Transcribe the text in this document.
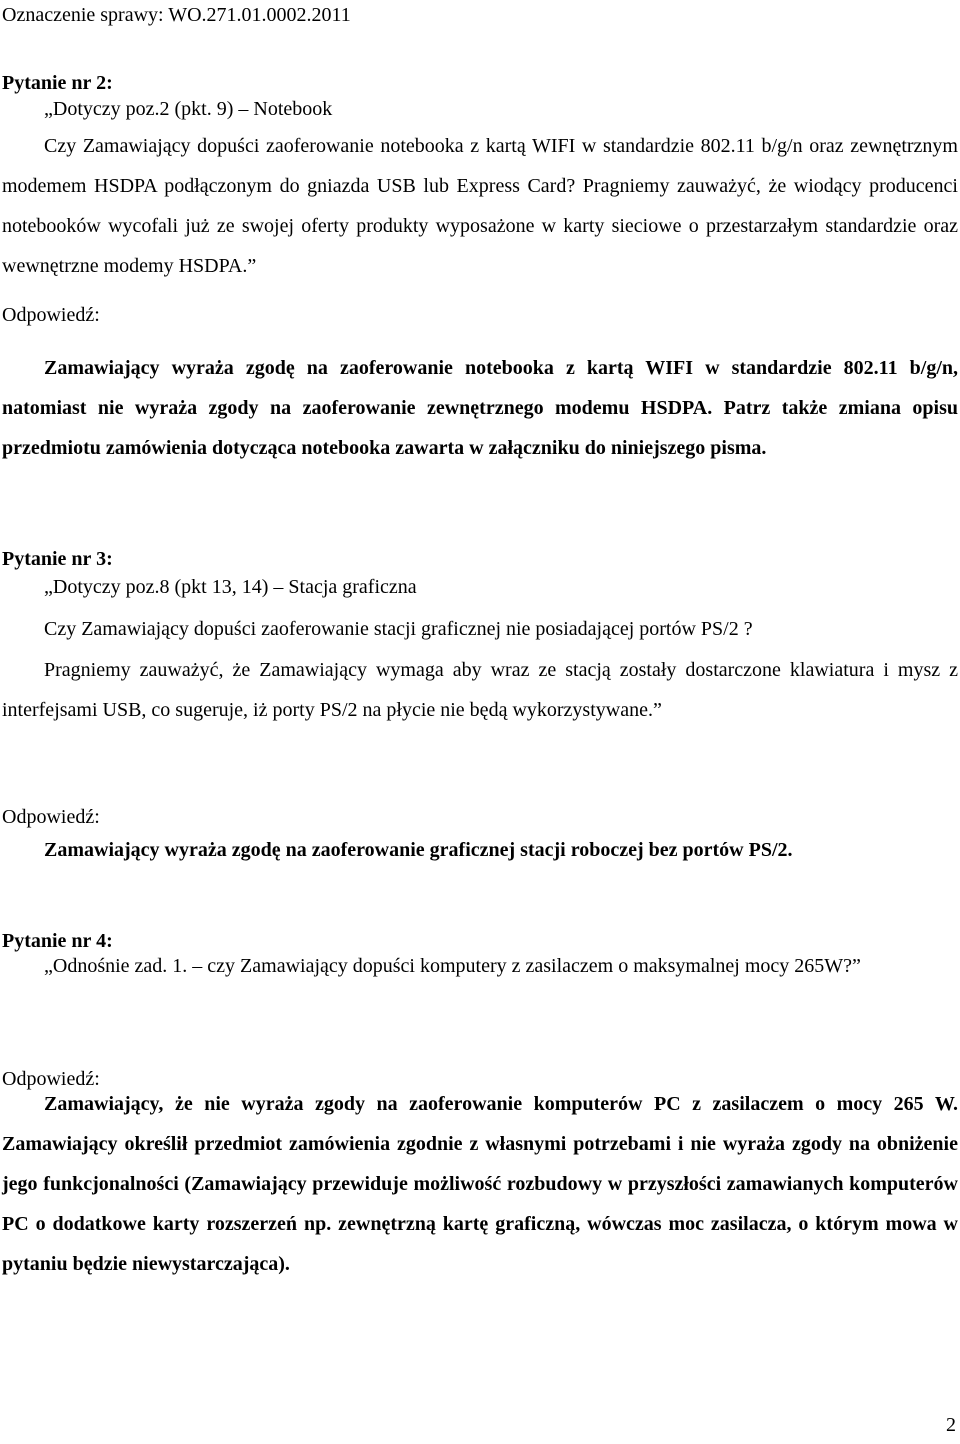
Oznaczenie sprawy: WO.271.01.0002.2011
Pytanie nr 2:
„Dotyczy poz.2 (pkt. 9) – Notebook
Czy Zamawiający dopuści zaoferowanie notebooka z kartą WIFI w standardzie 802.11 b/g/n oraz zewnętrznym modemem HSDPA podłączonym do gniazda USB lub Express Card? Pragniemy zauważyć, że wiodący producenci notebooków wycofali już ze swojej oferty produkty wyposażone w karty sieciowe o przestarzałym standardzie oraz wewnętrzne modemy HSDPA.”
Odpowiedź:
Zamawiający wyraża zgodę na zaoferowanie notebooka z kartą WIFI w standardzie 802.11 b/g/n, natomiast nie wyraża zgody na zaoferowanie zewnętrznego modemu HSDPA. Patrz także zmiana opisu przedmiotu zamówienia dotycząca notebooka zawarta w załączniku do niniejszego pisma.
Pytanie nr 3:
„Dotyczy poz.8 (pkt 13, 14) – Stacja graficzna
Czy Zamawiający dopuści zaoferowanie stacji graficznej nie posiadającej portów PS/2 ?
Pragniemy zauważyć, że Zamawiający wymaga aby wraz ze stacją zostały dostarczone klawiatura i mysz z interfejsami USB, co sugeruje, iż porty PS/2 na płycie nie będą wykorzystywane.”
Odpowiedź:
Zamawiający wyraża zgodę na zaoferowanie graficznej stacji roboczej bez portów PS/2.
Pytanie nr 4:
„Odnośnie zad. 1. – czy Zamawiający dopuści komputery z zasilaczem o maksymalnej mocy 265W?”
Odpowiedź:
Zamawiający, że nie wyraża zgody na zaoferowanie komputerów PC z zasilaczem o mocy 265 W. Zamawiający określił przedmiot zamówienia zgodnie z własnymi potrzebami i nie wyraża zgody na obniżenie jego funkcjonalności (Zamawiający przewiduje możliwość rozbudowy w przyszłości zamawianych komputerów PC o dodatkowe karty rozszerzeń np. zewnętrzną kartę graficzną, wówczas moc zasilacza, o którym mowa w pytaniu będzie niewystarczająca).
2
